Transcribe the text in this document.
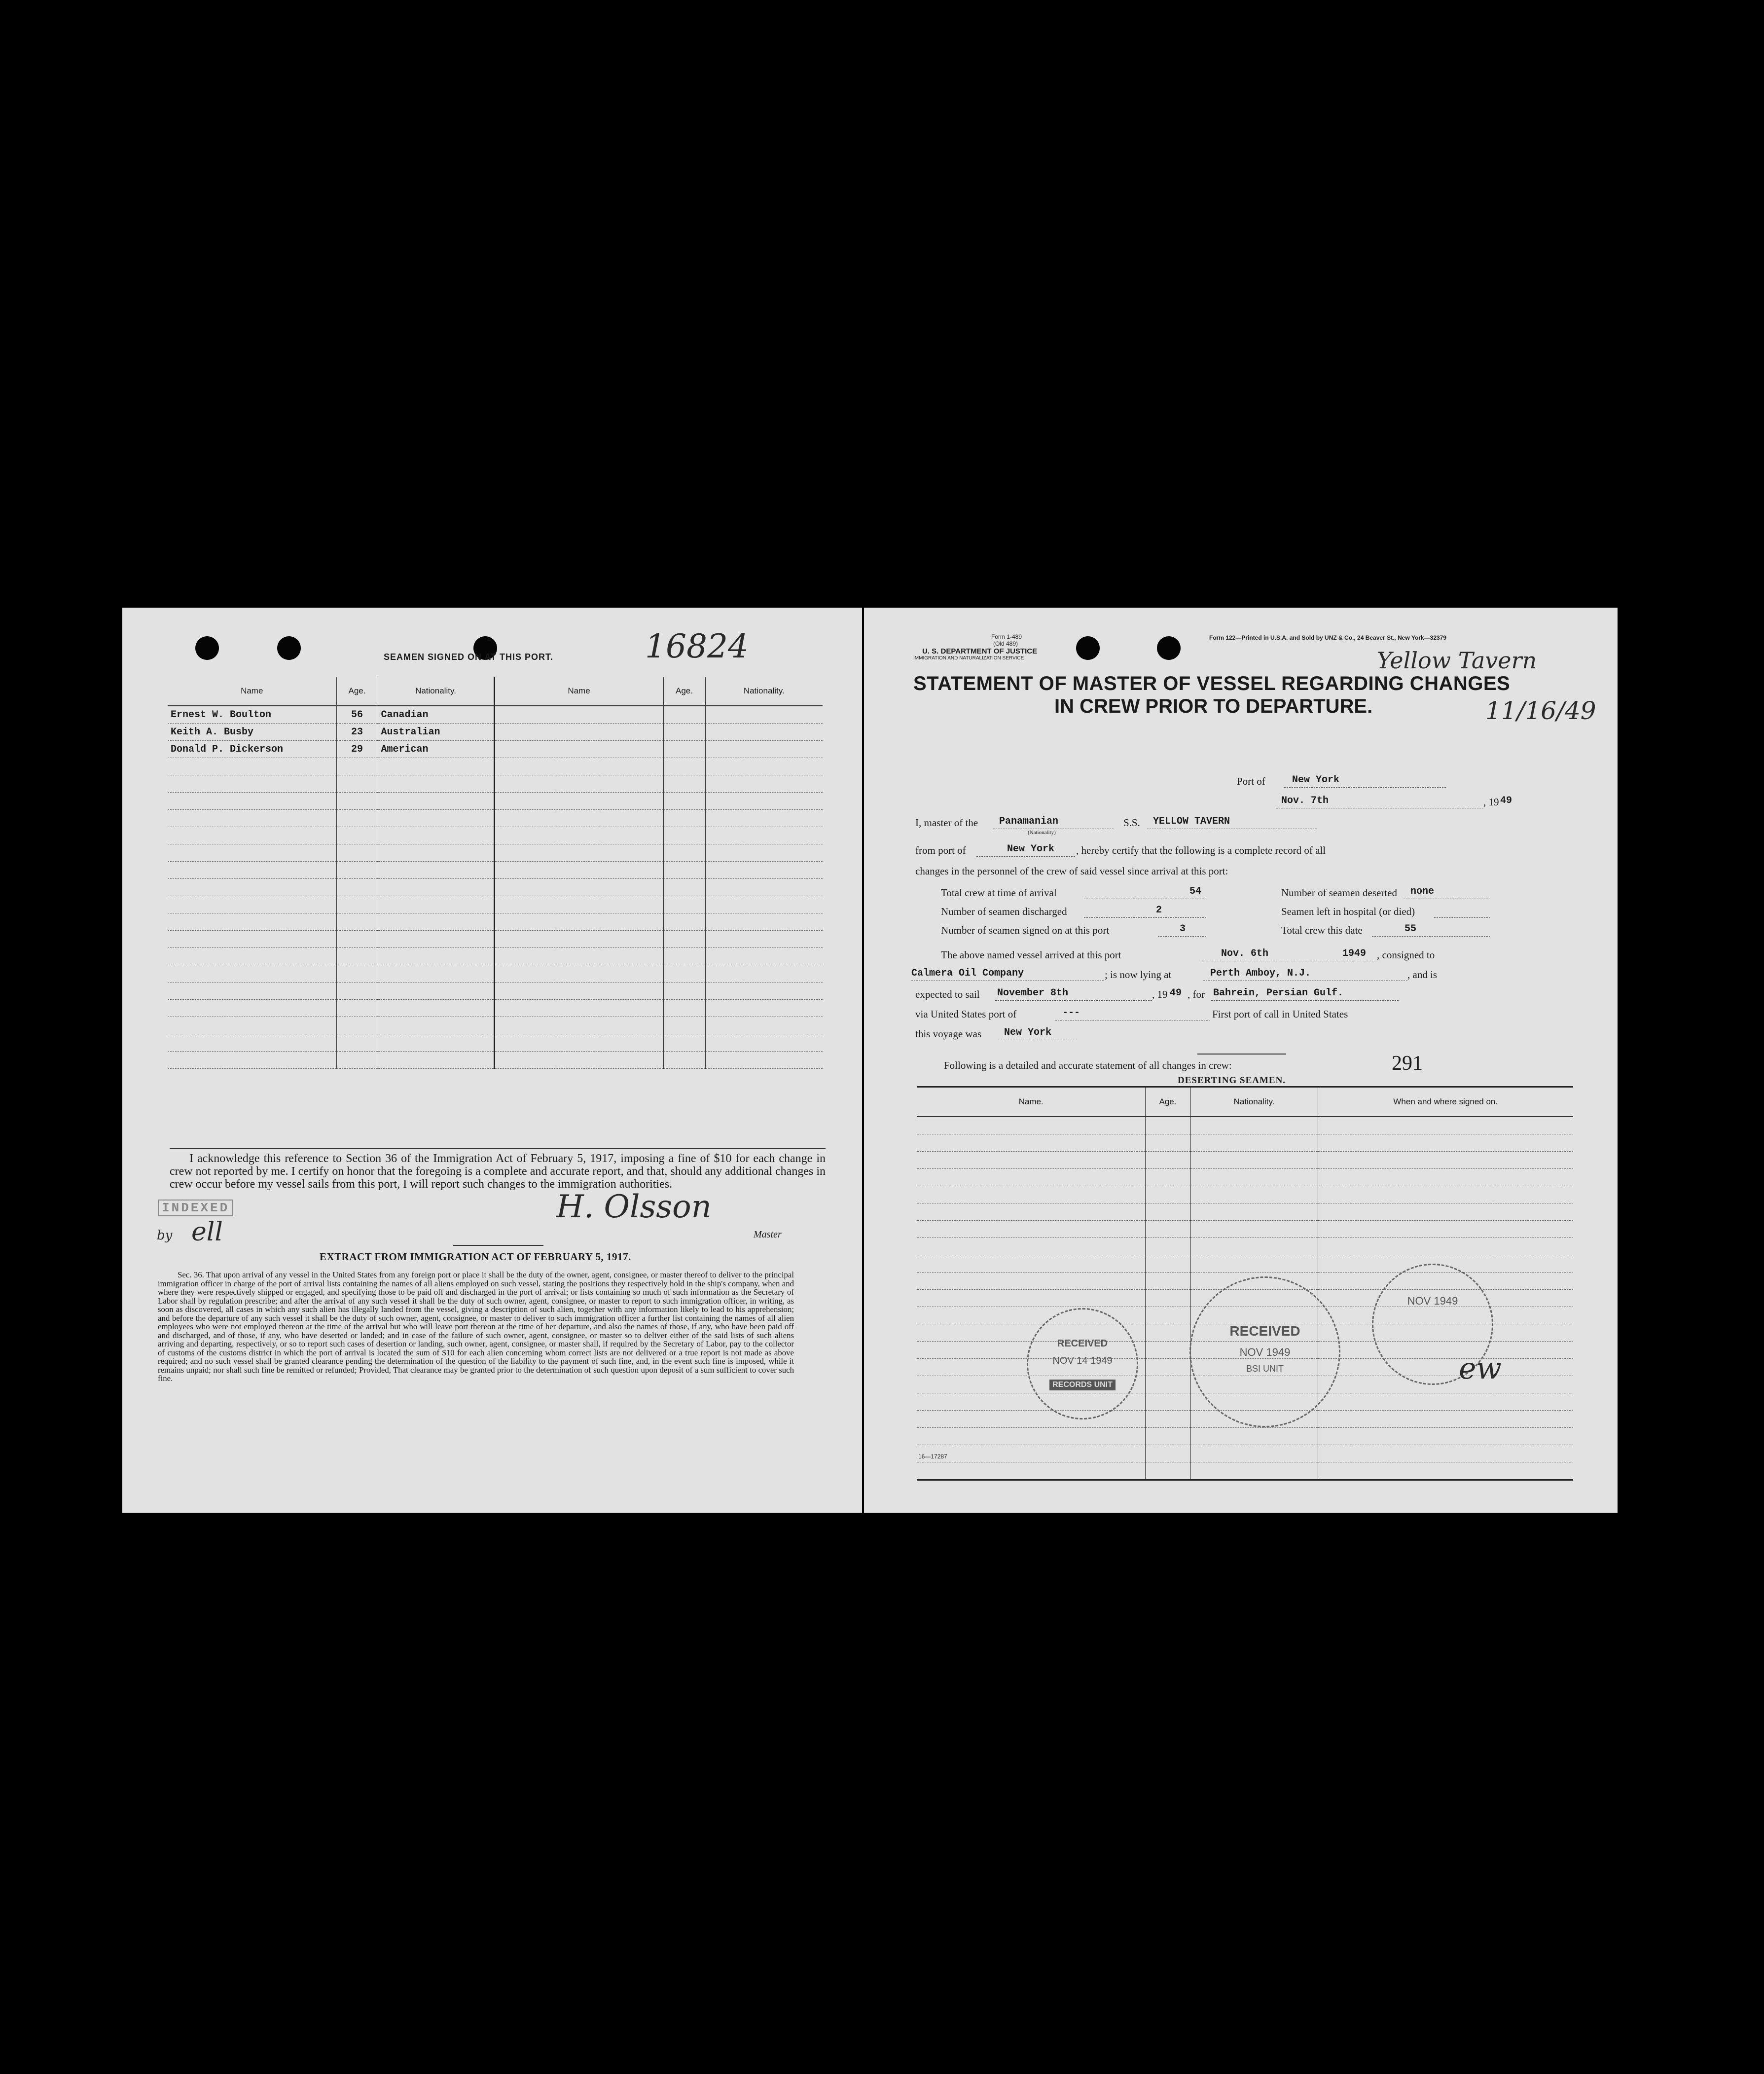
4
SEAMEN SIGNED ON AT THIS PORT.	16824
Name	Age.	Nationality.	Name	Age.	Nationality.
Ernest W. Boulton	56	Canadian			
Keith A. Busby	23	Australian			
Donald P. Dickerson	29	American			

I acknowledge this reference to Section 36 of the Immigration Act of February 5, 1917, imposing a fine of $10 for each change in crew not reported by me. I certify on honor that the foregoing is a complete and accurate report, and that, should any additional changes in crew occur before my vessel sails from this port, I will report such changes to the immigration authorities.
INDEXED
by ell
H. Olsson
Master
EXTRACT FROM IMMIGRATION ACT OF FEBRUARY 5, 1917.
Sec. 36. That upon arrival of any vessel in the United States from any foreign port or place it shall be the duty of the owner, agent, consignee, or master thereof to deliver to the principal immigration officer in charge of the port of arrival lists containing the names of all aliens employed on such vessel, stating the positions they respectively hold in the ship's company, when and where they were respectively shipped or engaged, and specifying those to be paid off and discharged in the port of arrival; or lists containing so much of such information as the Secretary of Labor shall by regulation prescribe; and after the arrival of any such vessel it shall be the duty of such owner, agent, consignee, or master to report to such immigration officer, in writing, as soon as discovered, all cases in which any such alien has illegally landed from the vessel, giving a description of such alien, together with any information likely to lead to his apprehension; and before the departure of any such vessel it shall be the duty of such owner, agent, consignee, or master to deliver to such immigration officer a further list containing the names of all alien employees who were not employed thereon at the time of the arrival but who will leave port thereon at the time of her departure, and also the names of those, if any, who have been paid off and discharged, and of those, if any, who have deserted or landed; and in case of the failure of such owner, agent, consignee, or master so to deliver either of the said lists of such aliens arriving and departing, respectively, or so to report such cases of desertion or landing, such owner, agent, consignee, or master shall, if required by the Secretary of Labor, pay to the collector of customs of the customs district in which the port of arrival is located the sum of $10 for each alien concerning whom correct lists are not delivered or a true report is not made as above required; and no such vessel shall be granted clearance pending the determination of the question of the liability to the payment of such fine, and, in the event such fine is imposed, while it remains unpaid; nor shall such fine be remitted or refunded; Provided, That clearance may be granted prior to the determination of such question upon deposit of a sum sufficient to cover such fine.
Form 1-489
(Old 489)
U. S. DEPARTMENT OF JUSTICE
IMMIGRATION AND NATURALIZATION SERVICE
Form 122—Printed in U.S.A. and Sold by UNZ & Co., 24 Beaver St., New York—32379
Yellow Tavern
11/16/49
STATEMENT OF MASTER OF VESSEL REGARDING CHANGES
IN CREW PRIOR TO DEPARTURE.
Port of	New York
Nov. 7th	, 19 49
I, master of the Panamanian
(Nationality)
S.S. YELLOW TAVERN
from port of	New York , hereby certify that the following is a complete record of all
changes in the personnel of the crew of said vessel since arrival at this port:
Total crew at time of arrival	54	Number of seamen deserted none
Number of seamen discharged	2	Seamen left in hospital (or died)
Number of seamen signed on at this port	3	Total crew this date	55
The above named vessel arrived at this port	Nov. 6th	1949 , consigned to
Calmera Oil Company	; is now lying at	Perth Amboy, N.J.	, and is
expected to sail November 8th	, 19 49 , for Bahrein, Persian Gulf.
via United States port of	---	First port of call in United States
this voyage was New York
Following is a detailed and accurate statement of all changes in crew:	291
DESERTING SEAMEN.
Name.	Age.	Nationality.	When and where signed on.

RECEIVED
NOV 14 1949
RECORDS UNIT
RECEIVED
NOV 1949
BSI UNIT
NOV 1949
ew
16—17287
